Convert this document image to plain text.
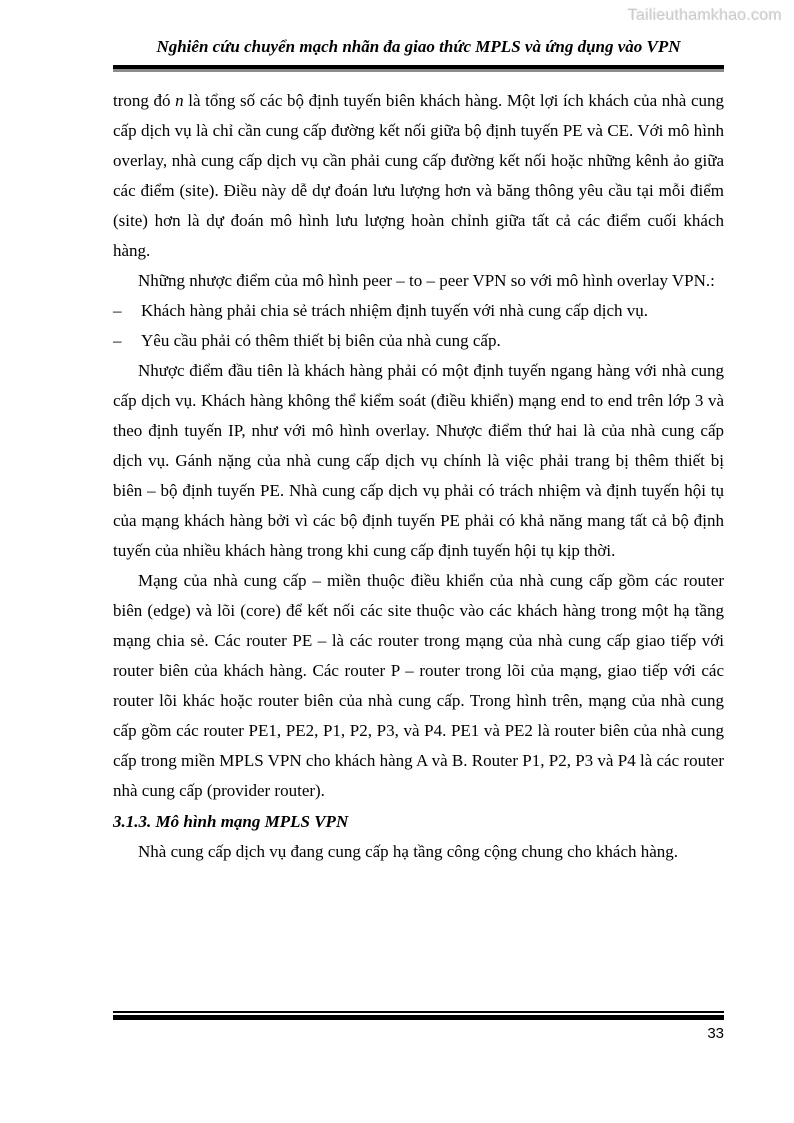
Tailieuthamkhao.com
Nghiên cứu chuyển mạch nhãn đa giao thức MPLS và ứng dụng vào VPN

trong đó n là tổng số các bộ định tuyến biên khách hàng. Một lợi ích khách của nhà cung cấp dịch vụ là chỉ cần cung cấp đường kết nối giữa bộ định tuyến PE và CE. Với mô hình overlay, nhà cung cấp dịch vụ cần phải cung cấp đường kết nối hoặc những kênh ảo giữa các điểm (site). Điều này dễ dự đoán lưu lượng hơn và băng thông yêu cầu tại mỗi điểm (site) hơn là dự đoán mô hình lưu lượng hoàn chỉnh giữa tất cả các điểm cuối khách hàng.

Những nhược điểm của mô hình peer – to – peer VPN so với mô hình overlay VPN.:

–	Khách hàng phải chia sẻ trách nhiệm định tuyến với nhà cung cấp dịch vụ.
–	Yêu cầu phải có thêm thiết bị biên của nhà cung cấp.

Nhược điểm đầu tiên là khách hàng phải có một định tuyến ngang hàng với nhà cung cấp dịch vụ. Khách hàng không thể kiểm soát (điều khiển) mạng end to end trên lớp 3 và theo định tuyến IP, như với mô hình overlay. Nhược điểm thứ hai là của nhà cung cấp dịch vụ. Gánh nặng của nhà cung cấp dịch vụ chính là việc phải trang bị thêm thiết bị biên – bộ định tuyến PE. Nhà cung cấp dịch vụ phải có trách nhiệm và định tuyến hội tụ của mạng khách hàng bởi vì các bộ định tuyến PE phải có khả năng mang tất cả bộ định tuyến của nhiều khách hàng trong khi cung cấp định tuyến hội tụ kịp thời.

Mạng của nhà cung cấp – miền thuộc điều khiển của nhà cung cấp gồm các router biên (edge) và lõi (core) để kết nối các site thuộc vào các khách hàng trong một hạ tầng mạng chia sẻ. Các router PE – là các router trong mạng của nhà cung cấp giao tiếp với router biên của khách hàng. Các router P – router trong lõi của mạng, giao tiếp với các router lõi khác hoặc router biên của nhà cung cấp. Trong hình trên, mạng của nhà cung cấp gồm các router PE1, PE2, P1, P2, P3, và P4. PE1 và PE2 là router biên của nhà cung cấp trong miền MPLS VPN cho khách hàng A và B. Router P1, P2, P3 và P4 là các router nhà cung cấp (provider router).

3.1.3. Mô hình mạng MPLS VPN

Nhà cung cấp dịch vụ đang cung cấp hạ tầng công cộng chung cho khách hàng.

33
